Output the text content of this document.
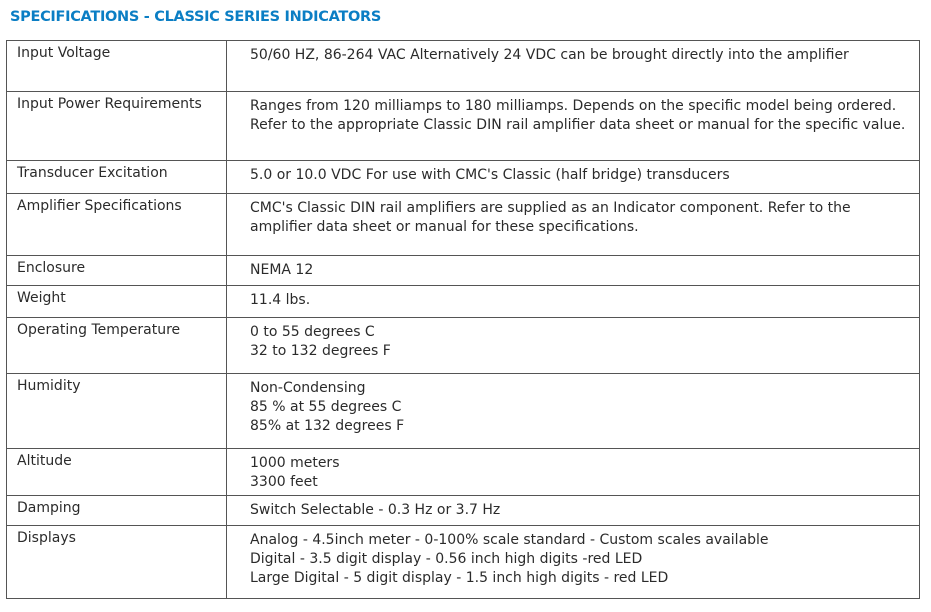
SPECIFICATIONS - CLASSIC SERIES INDICATORS
Input Voltage	50/60 HZ, 86-264 VAC Alternatively 24 VDC can be brought directly into the amplifier

Input Power Requirements	Ranges from 120 milliamps to 180 milliamps. Depends on the specific model being ordered. Refer to the appropriate Classic DIN rail amplifier data sheet or manual for the specific value.

Transducer Excitation	5.0 or 10.0 VDC For use with CMC's Classic (half bridge) transducers

Amplifier Specifications	CMC's Classic DIN rail amplifiers are supplied as an Indicator component. Refer to the amplifier data sheet or manual for these specifications.

Enclosure	NEMA 12

Weight	11.4 lbs.

Operating Temperature	0 to 55 degrees C
32 to 132 degrees F

Humidity	Non-Condensing
85 % at 55 degrees C
85% at 132 degrees F

Altitude	1000 meters
3300 feet

Damping	Switch Selectable - 0.3 Hz or 3.7 Hz

Displays	Analog - 4.5inch meter - 0-100% scale standard - Custom scales available
Digital - 3.5 digit display - 0.56 inch high digits -red LED
Large Digital - 5 digit display - 1.5 inch high digits - red LED
